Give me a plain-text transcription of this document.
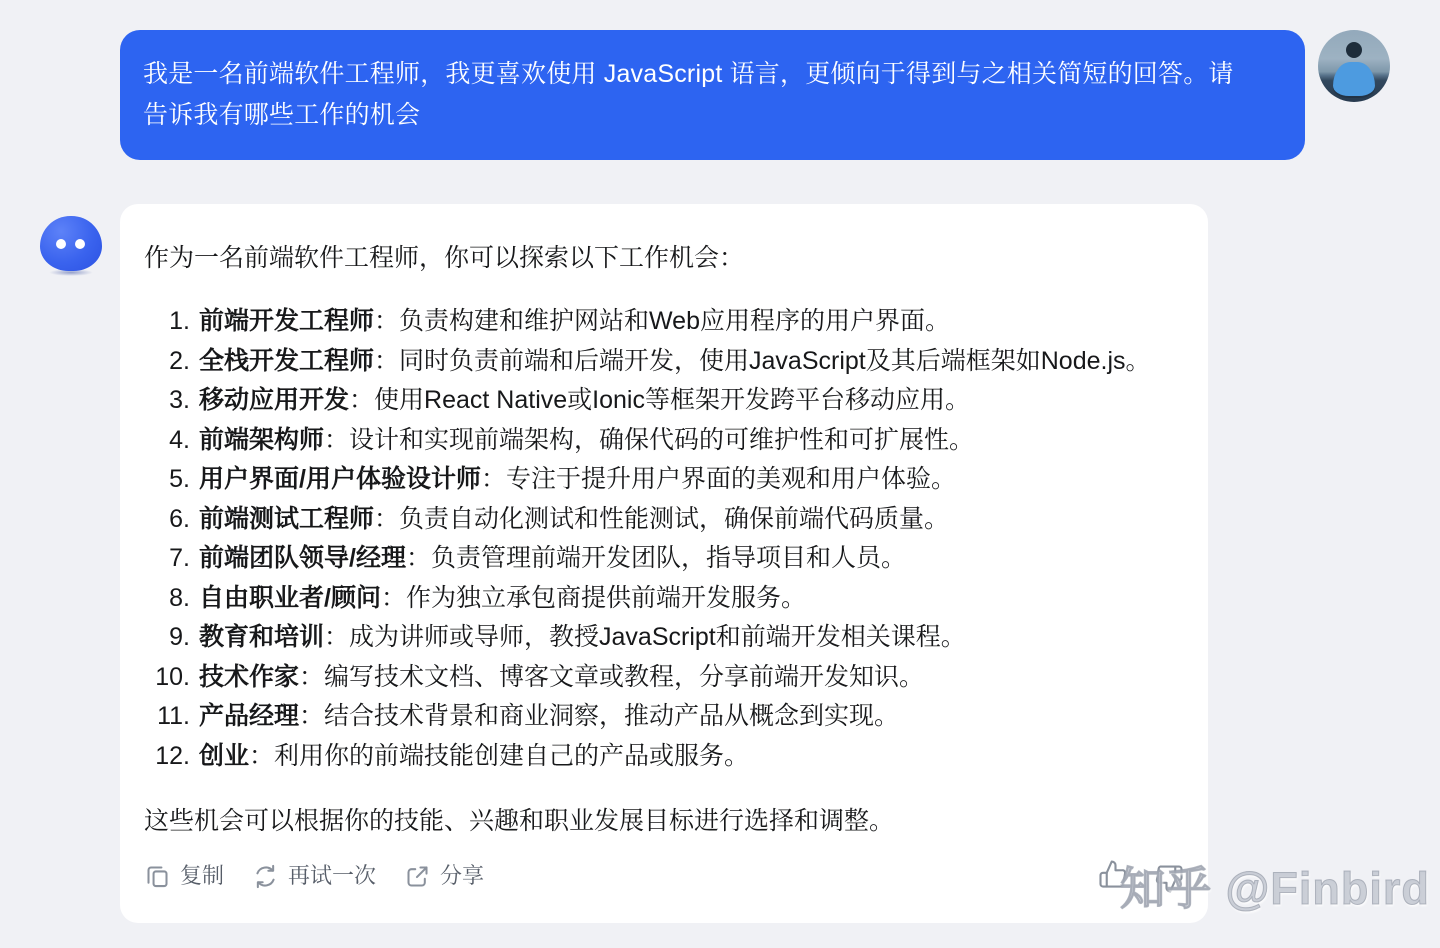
我是一名前端软件工程师，我更喜欢使用 JavaScript 语言，更倾向于得到与之相关简短的回答。请
告诉我有哪些工作的机会
作为一名前端软件工程师，你可以探索以下工作机会：
1. 前端开发工程师：负责构建和维护网站和Web应用程序的用户界面。
2. 全栈开发工程师：同时负责前端和后端开发，使用JavaScript及其后端框架如Node.js。
3. 移动应用开发：使用React Native或Ionic等框架开发跨平台移动应用。
4. 前端架构师：设计和实现前端架构，确保代码的可维护性和可扩展性。
5. 用户界面/用户体验设计师：专注于提升用户界面的美观和用户体验。
6. 前端测试工程师：负责自动化测试和性能测试，确保前端代码质量。
7. 前端团队领导/经理：负责管理前端开发团队，指导项目和人员。
8. 自由职业者/顾问：作为独立承包商提供前端开发服务。
9. 教育和培训：成为讲师或导师，教授JavaScript和前端开发相关课程。
10. 技术作家：编写技术文档、博客文章或教程，分享前端开发知识。
11. 产品经理：结合技术背景和商业洞察，推动产品从概念到实现。
12. 创业：利用你的前端技能创建自己的产品或服务。
这些机会可以根据你的技能、兴趣和职业发展目标进行选择和调整。
复制	再试一次	分享	知乎 @Finbird
